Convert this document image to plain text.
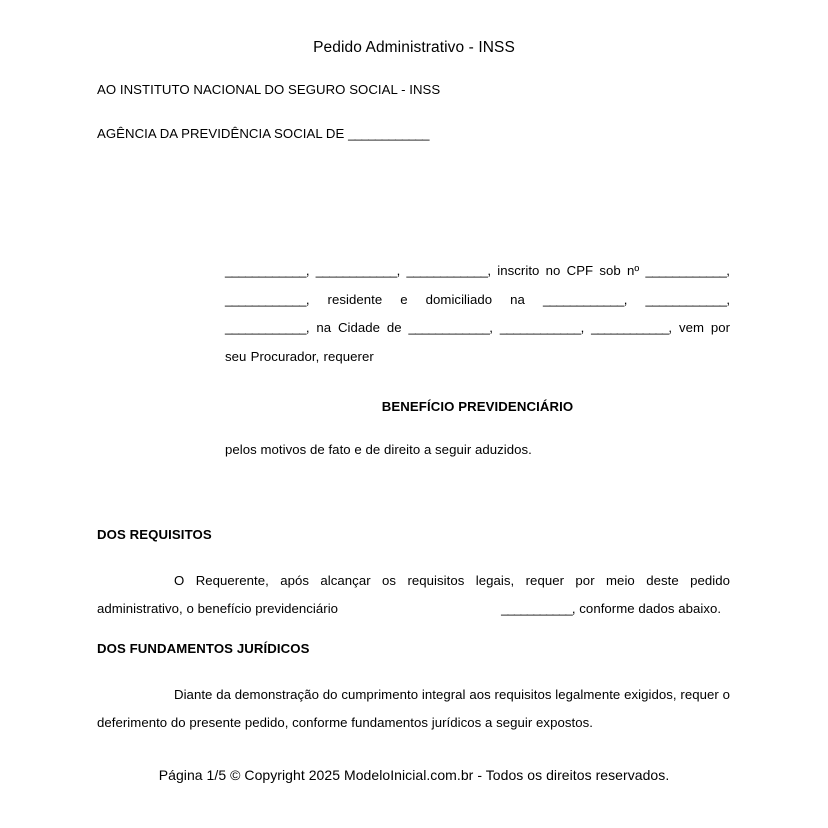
Pedido Administrativo - INSS
AO INSTITUTO NACIONAL DO SEGURO SOCIAL - INSS
AGÊNCIA DA PREVIDÊNCIA SOCIAL DE ____________
____________, ____________, ____________, inscrito no CPF sob nº ____________, ____________, residente e domiciliado na ____________, ____________, ____________, na Cidade de ____________, ____________, ____________, vem por seu Procurador, requerer
BENEFÍCIO PREVIDENCIÁRIO
pelos motivos de fato e de direito a seguir aduzidos.
DOS REQUISITOS
O Requerente, após alcançar os requisitos legais, requer por meio deste pedido administrativo, o benefício previdenciário	___________, conforme dados abaixo.
DOS FUNDAMENTOS JURÍDICOS
Diante da demonstração do cumprimento integral aos requisitos legalmente exigidos, requer o deferimento do presente pedido, conforme fundamentos jurídicos a seguir expostos.
Página 1/5 © Copyright 2025 ModeloInicial.com.br - Todos os direitos reservados.
